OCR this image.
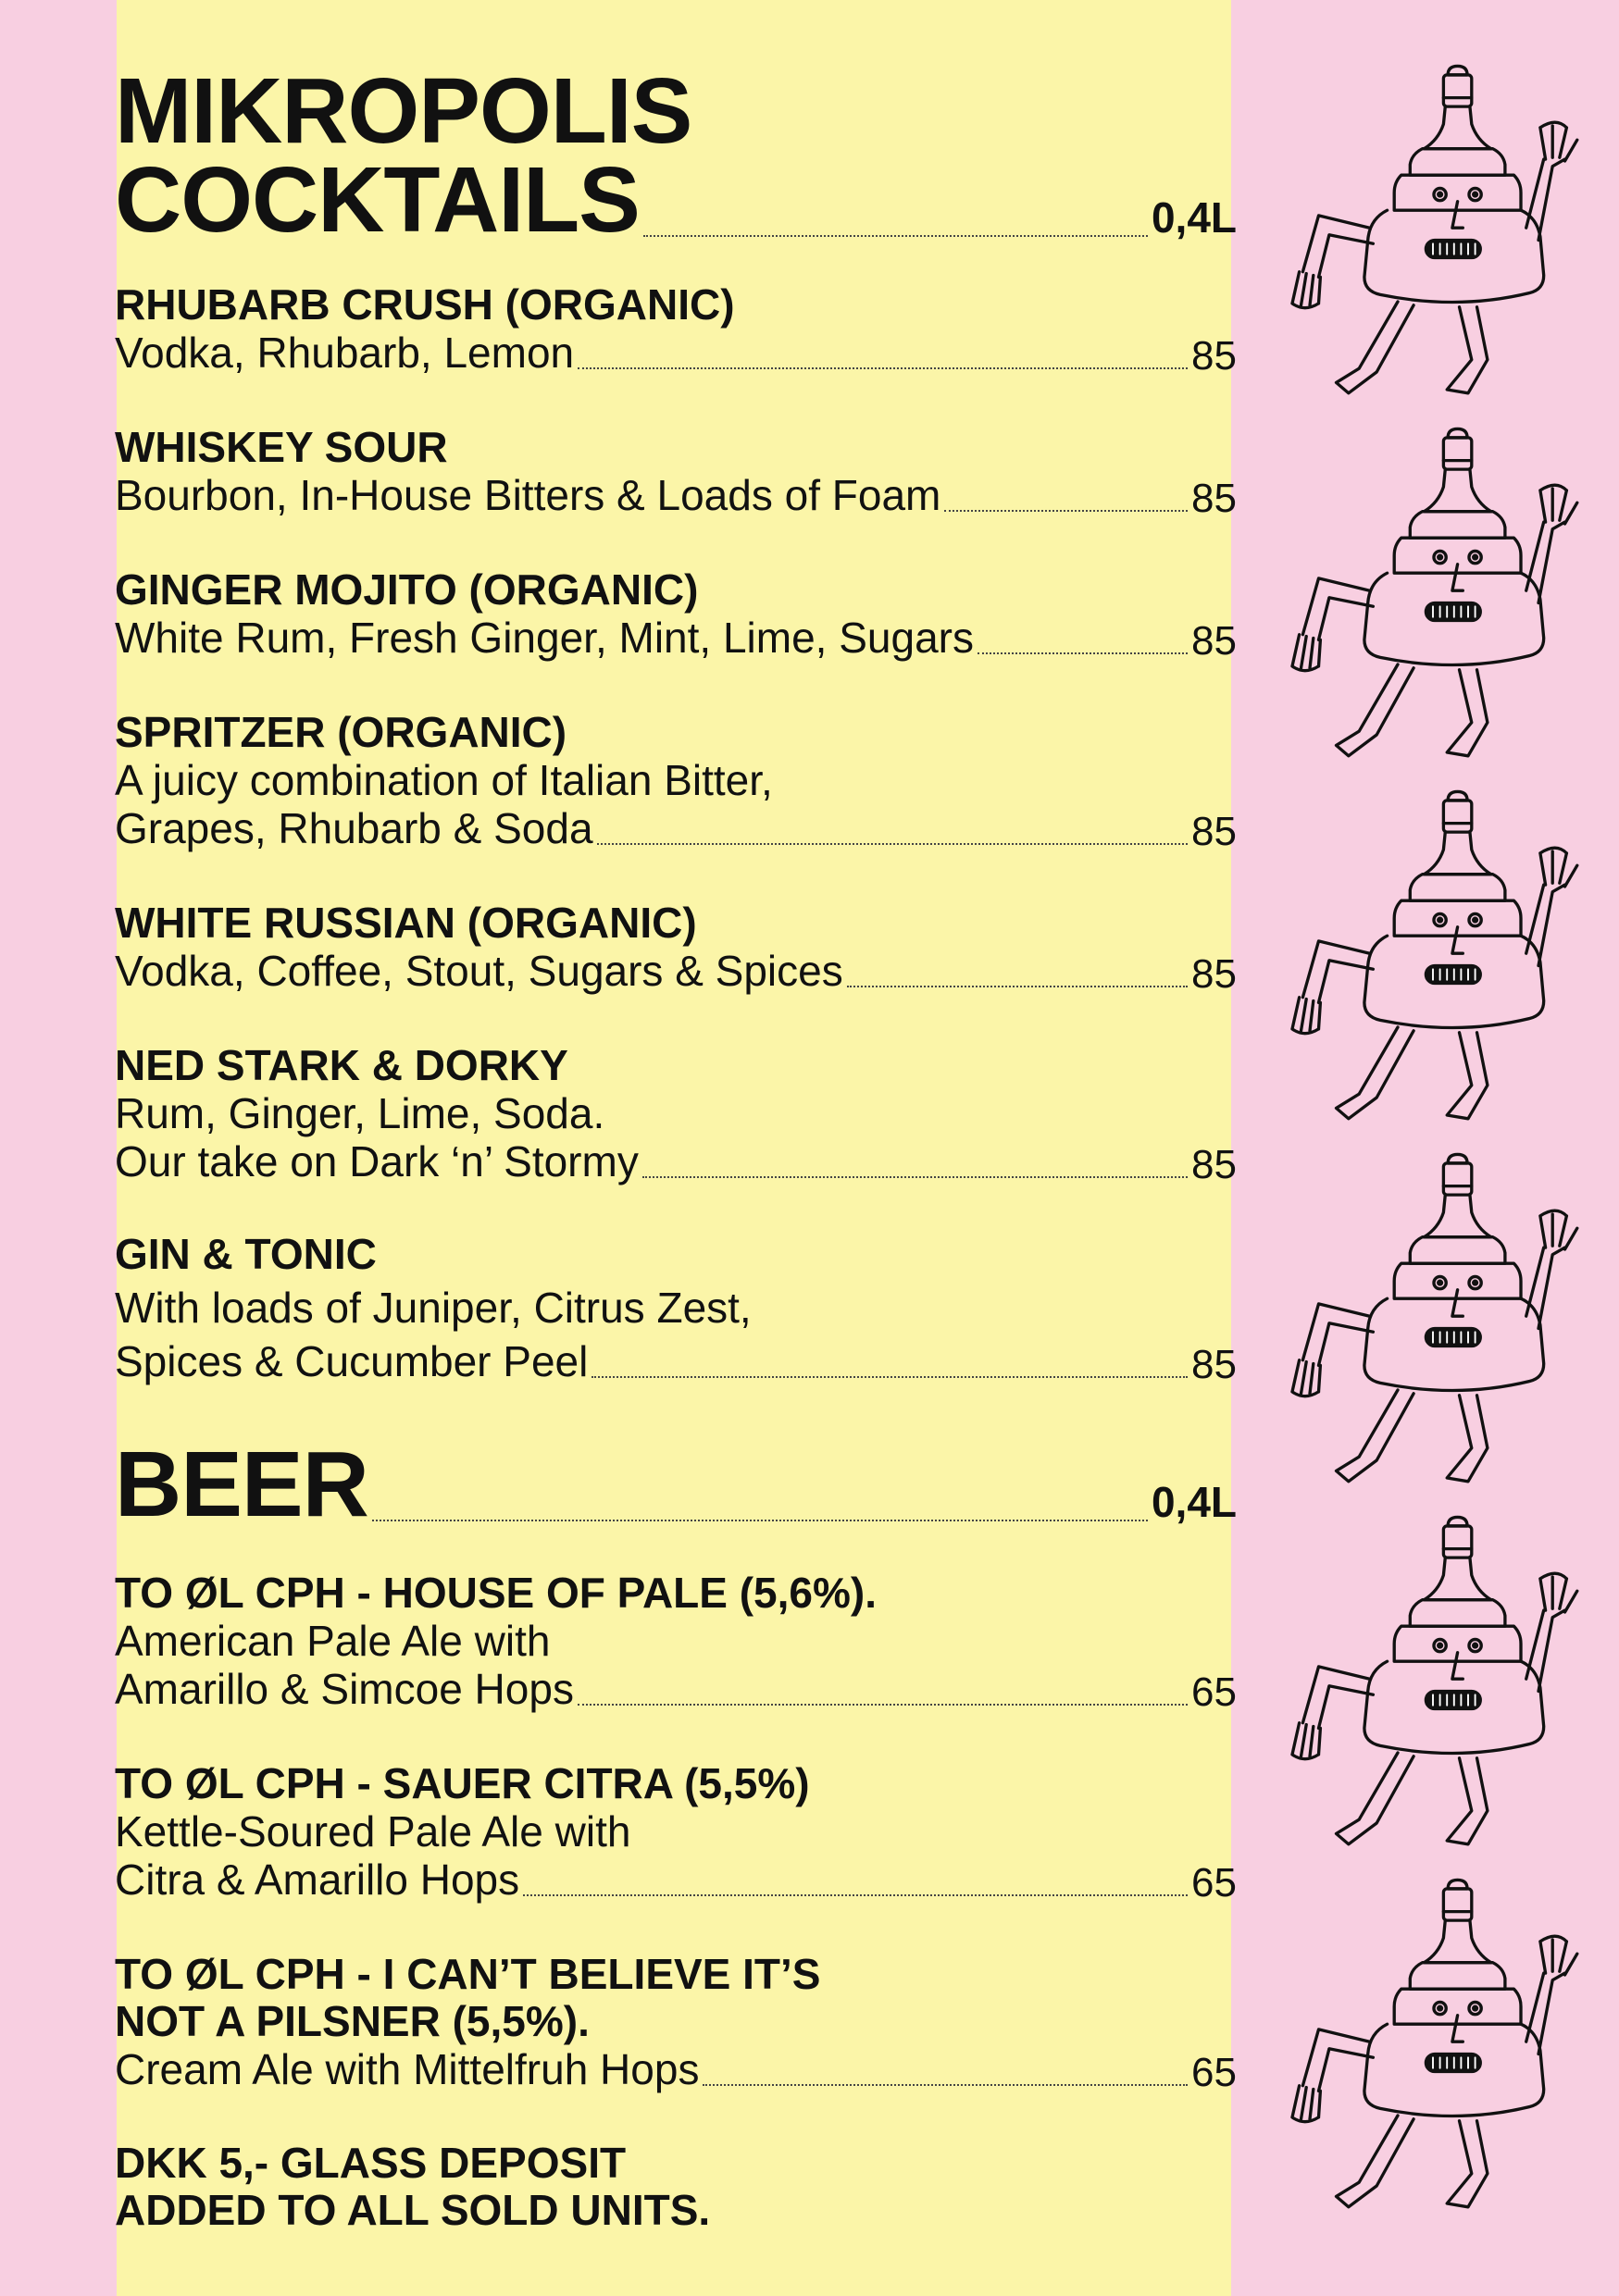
MIKROPOLIS
COCKTAILS	0,4L
RHUBARB CRUSH (ORGANIC)
Vodka, Rhubarb, Lemon	85
WHISKEY SOUR
Bourbon, In-House Bitters & Loads of Foam	85
GINGER MOJITO (ORGANIC)
White Rum, Fresh Ginger, Mint, Lime, Sugars	85
SPRITZER (ORGANIC)
A juicy combination of Italian Bitter,
Grapes, Rhubarb & Soda	85
WHITE RUSSIAN (ORGANIC)
Vodka, Coffee, Stout, Sugars & Spices	85
NED STARK & DORKY
Rum, Ginger, Lime, Soda.
Our take on Dark ‘n’ Stormy	85
GIN & TONIC
With loads of Juniper, Citrus Zest,
Spices & Cucumber Peel	85
BEER	0,4L
TO ØL CPH - HOUSE OF PALE (5,6%).
American Pale Ale with
Amarillo & Simcoe Hops	65
TO ØL CPH - SAUER CITRA (5,5%)
Kettle-Soured Pale Ale with
Citra & Amarillo Hops	65
TO ØL CPH - I CAN’T BELIEVE IT’S
NOT A PILSNER (5,5%).
Cream Ale with Mittelfruh Hops	65
DKK 5,- GLASS DEPOSIT
ADDED TO ALL SOLD UNITS.
